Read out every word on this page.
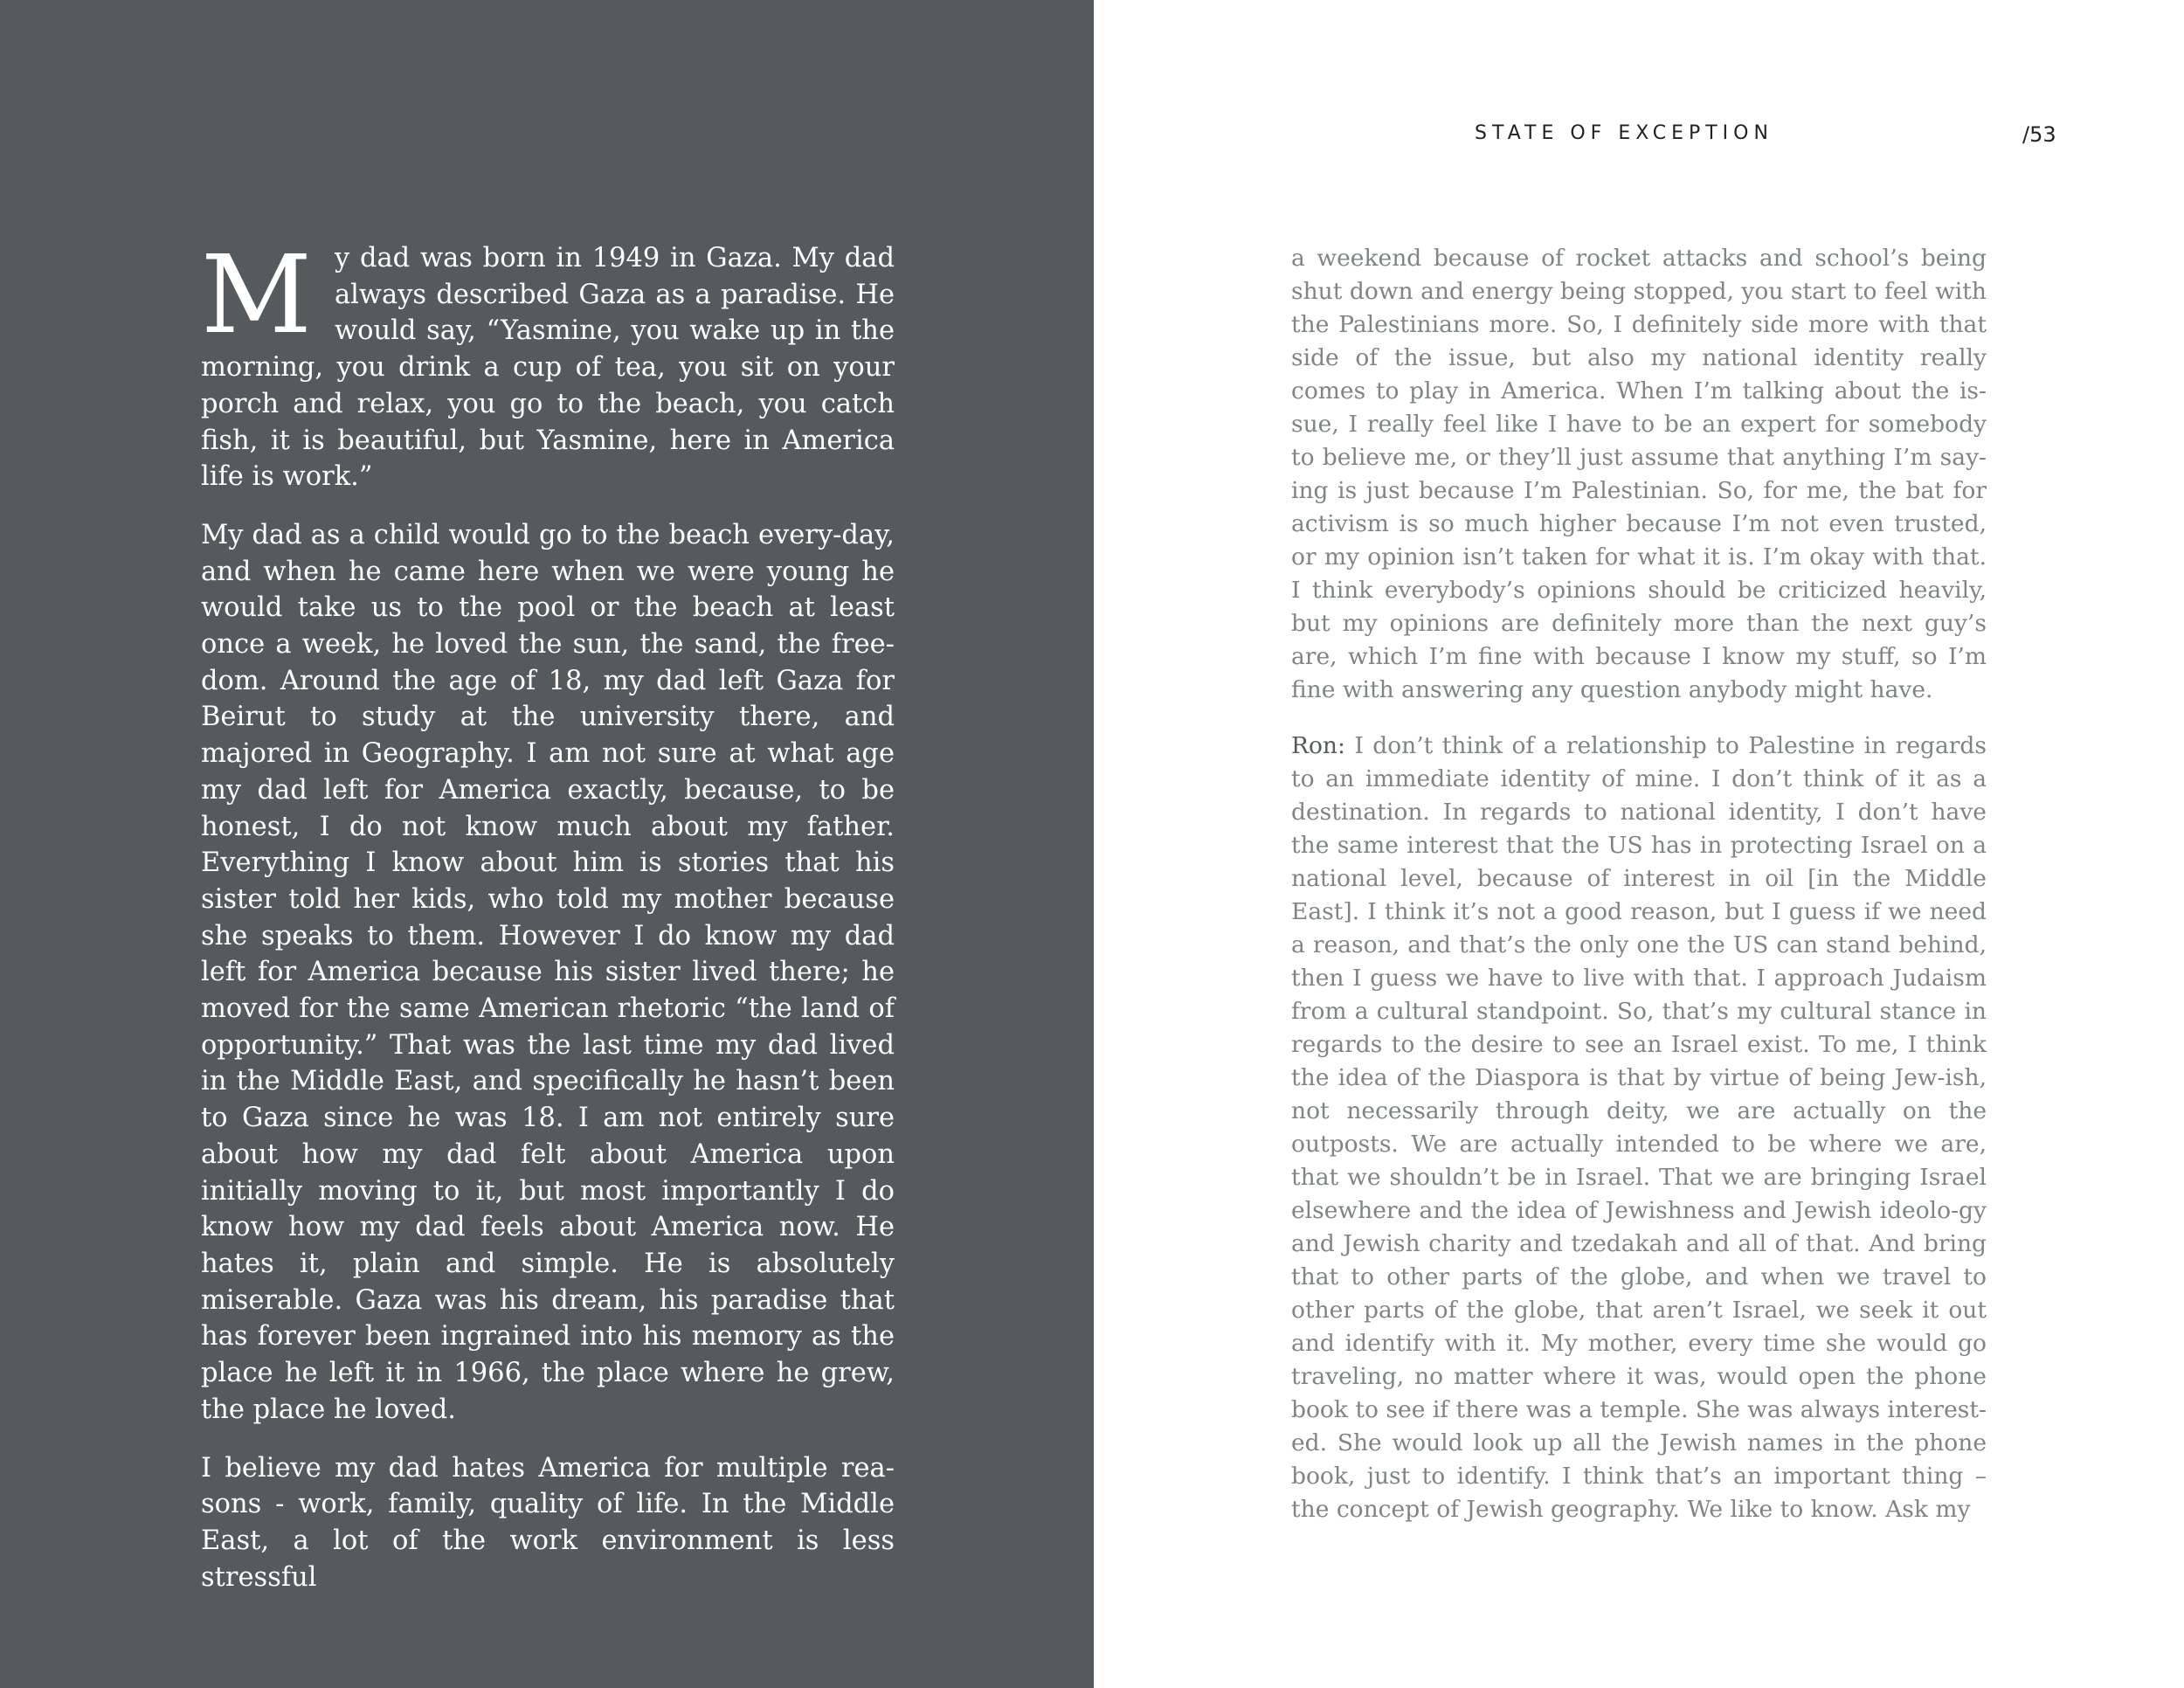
My dad was born in 1949 in Gaza. My dad always described Gaza as a paradise. He would say, “Yasmine, you wake up in the morning, you drink a cup of tea, you sit on your porch and relax, you go to the beach, you catch fish, it is beautiful, but Yasmine, here in America life is work.”

My dad as a child would go to the beach every-day, and when he came here when we were young he would take us to the pool or the beach at least once a week, he loved the sun, the sand, the free-dom. Around the age of 18, my dad left Gaza for Beirut to study at the university there, and majored in Geography. I am not sure at what age my dad left for America exactly, because, to be honest, I do not know much about my father. Everything I know about him is stories that his sister told her kids, who told my mother because she speaks to them. However I do know my dad left for America because his sister lived there; he moved for the same American rhetoric “the land of opportunity.” That was the last time my dad lived in the Middle East, and specifically he hasn’t been to Gaza since he was 18. I am not entirely sure about how my dad felt about America upon initially moving to it, but most importantly I do know how my dad feels about America now. He hates it, plain and simple. He is absolutely miserable. Gaza was his dream, his paradise that has forever been ingrained into his memory as the place he left it in 1966, the place where he grew, the place he loved.

I believe my dad hates America for multiple rea-sons - work, family, quality of life. In the Middle East, a lot of the work environment is less stressful

STATE OF EXCEPTION	/53

a weekend because of rocket attacks and school’s being shut down and energy being stopped, you start to feel with the Palestinians more. So, I definitely side more with that side of the issue, but also my national identity really comes to play in America. When I’m talking about the is-sue, I really feel like I have to be an expert for somebody to believe me, or they’ll just assume that anything I’m say-ing is just because I’m Palestinian. So, for me, the bat for activism is so much higher because I’m not even trusted, or my opinion isn’t taken for what it is. I’m okay with that. I think everybody’s opinions should be criticized heavily, but my opinions are definitely more than the next guy’s are, which I’m fine with because I know my stuff, so I’m fine with answering any question anybody might have.

Ron: I don’t think of a relationship to Palestine in regards to an immediate identity of mine. I don’t think of it as a destination. In regards to national identity, I don’t have the same interest that the US has in protecting Israel on a national level, because of interest in oil [in the Middle East]. I think it’s not a good reason, but I guess if we need a reason, and that’s the only one the US can stand behind, then I guess we have to live with that. I approach Judaism from a cultural standpoint. So, that’s my cultural stance in regards to the desire to see an Israel exist. To me, I think the idea of the Diaspora is that by virtue of being Jew-ish, not necessarily through deity, we are actually on the outposts. We are actually intended to be where we are, that we shouldn’t be in Israel. That we are bringing Israel elsewhere and the idea of Jewishness and Jewish ideolo-gy and Jewish charity and tzedakah and all of that. And bring that to other parts of the globe, and when we travel to other parts of the globe, that aren’t Israel, we seek it out and identify with it. My mother, every time she would go traveling, no matter where it was, would open the phone book to see if there was a temple. She was always interest-ed. She would look up all the Jewish names in the phone book, just to identify. I think that’s an important thing – the concept of Jewish geography. We like to know. Ask my
